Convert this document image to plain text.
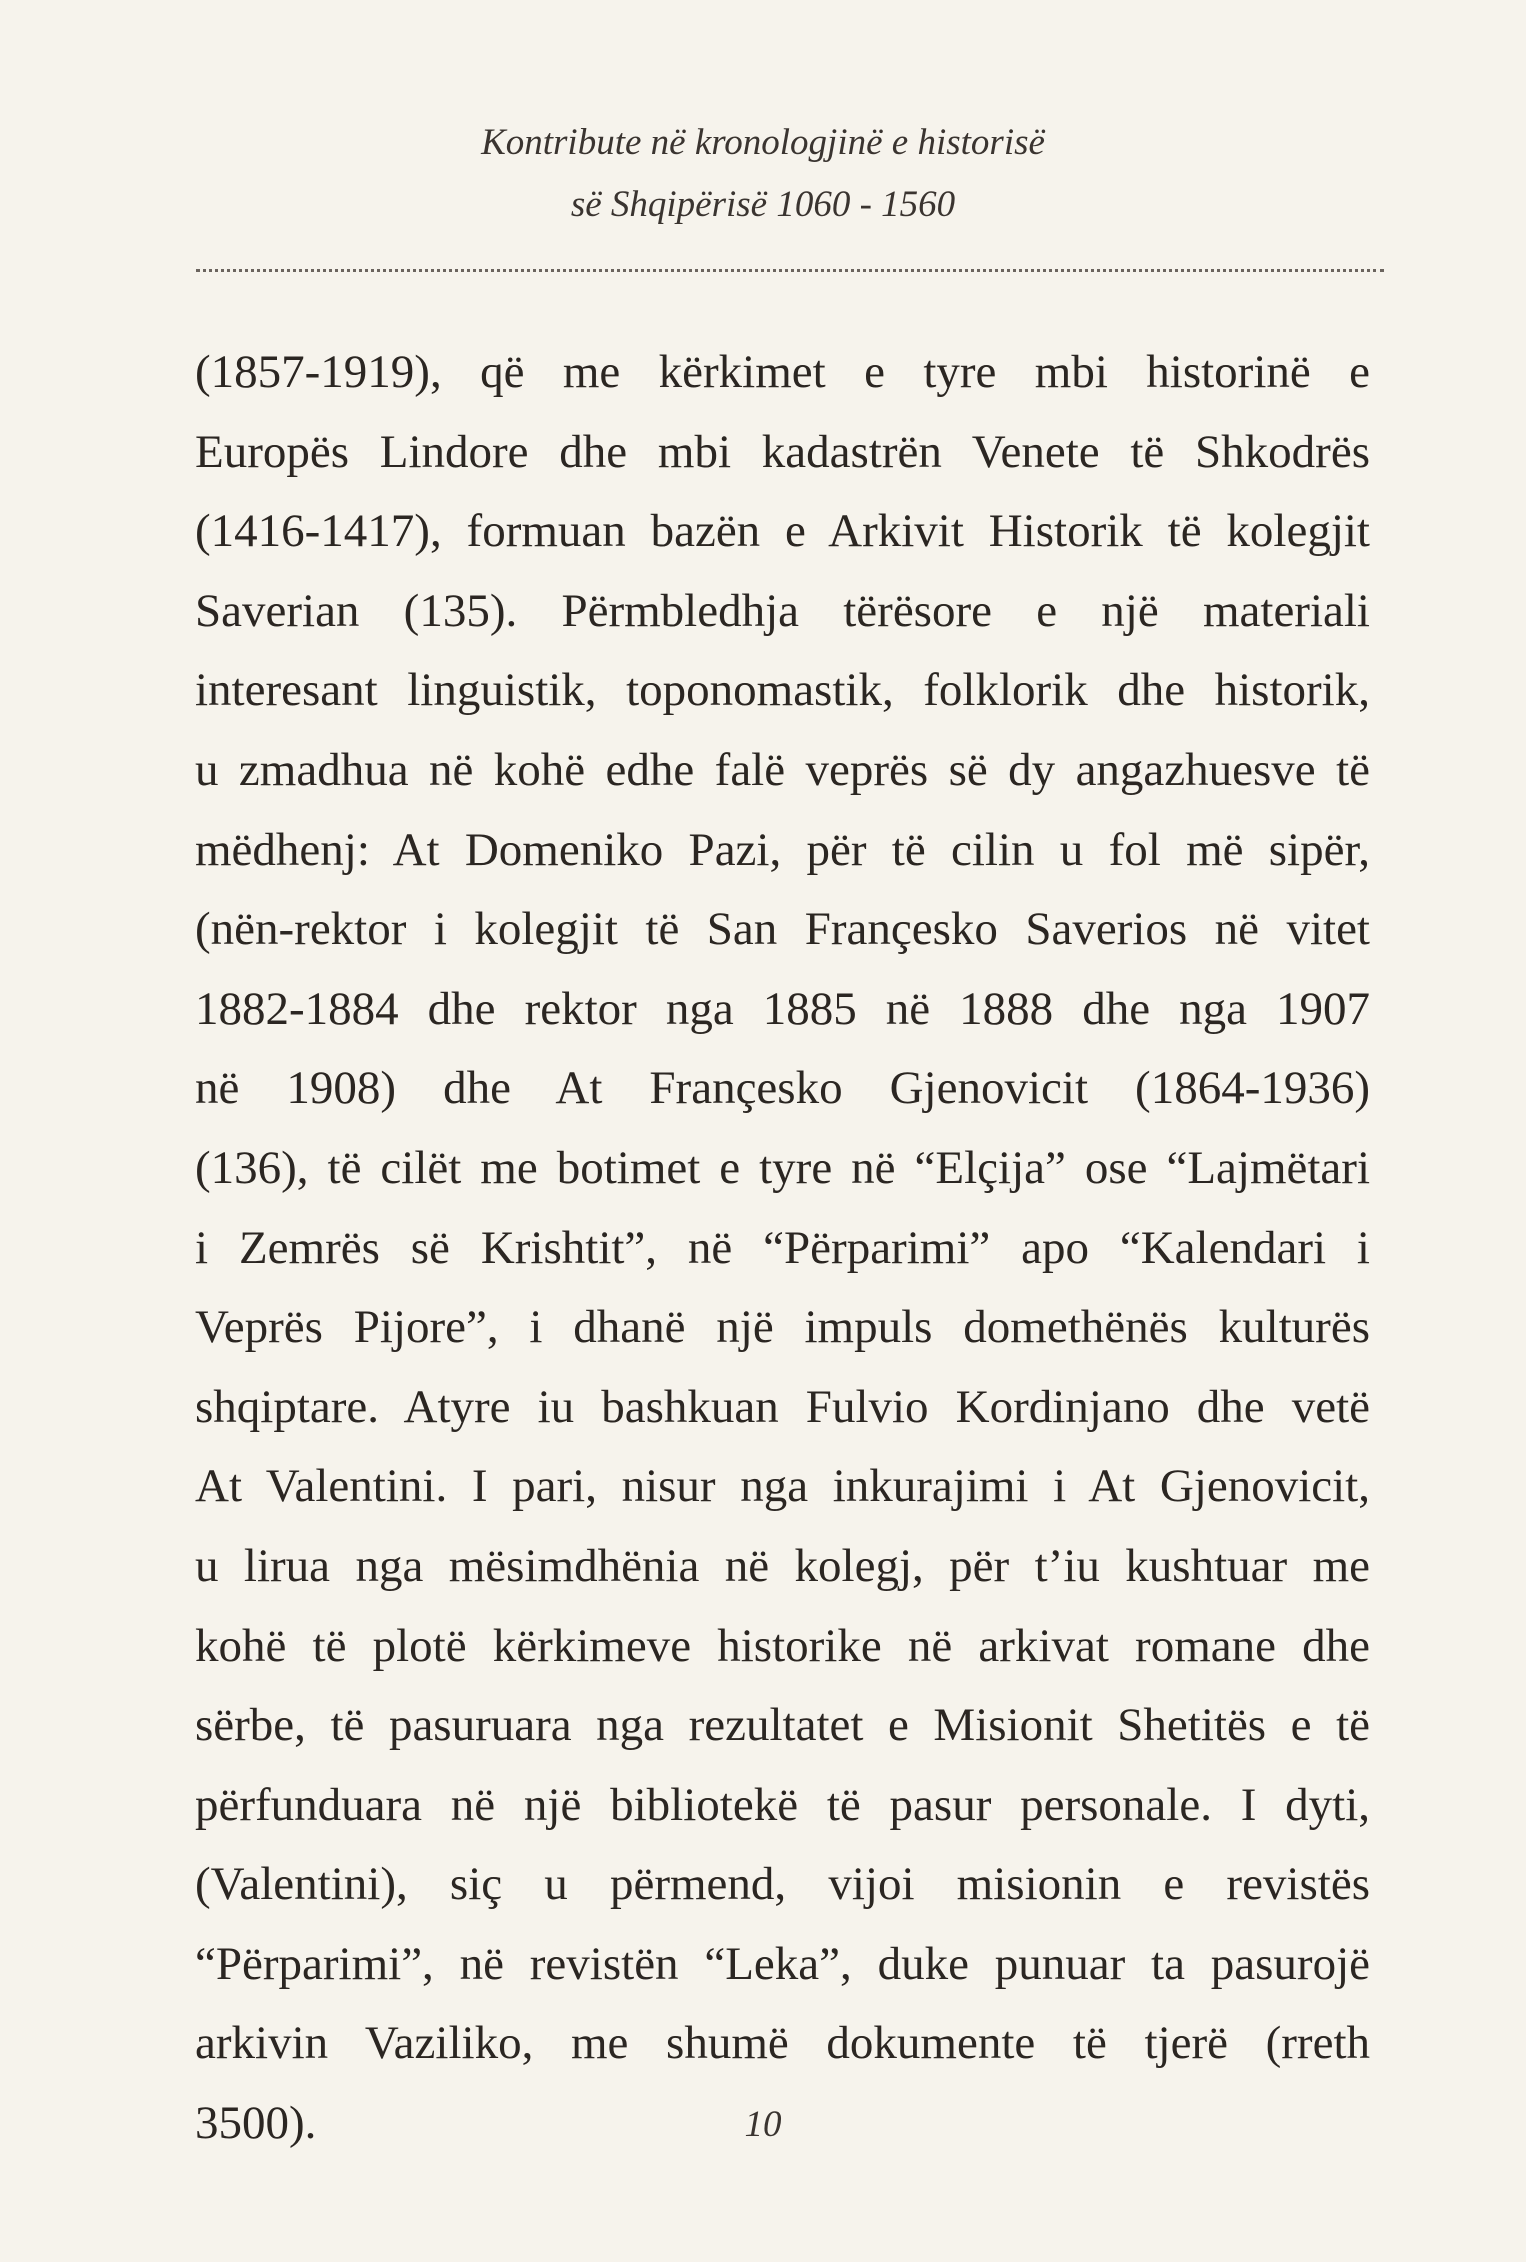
Kontribute në kronologjinë e historisë
së Shqipërisë 1060 - 1560
(1857-1919), që me kërkimet e tyre mbi historinë e
Europës Lindore dhe mbi kadastrën Venete të Shkodrës
(1416-1417), formuan bazën e Arkivit Historik të kolegjit
Saverian (135). Përmbledhja tërësore e një materiali
interesant linguistik, toponomastik, folklorik dhe historik,
u zmadhua në kohë edhe falë veprës së dy angazhuesve të
mëdhenj: At Domeniko Pazi, për të cilin u fol më sipër,
(nën-rektor i kolegjit të San Françesko Saverios në vitet
1882-1884 dhe rektor nga 1885 në 1888 dhe nga 1907
në 1908) dhe At Françesko Gjenovicit (1864-1936)
(136), të cilët me botimet e tyre në “Elçija” ose “Lajmëtari
i Zemrës së Krishtit”, në “Përparimi” apo “Kalendari i
Veprës Pijore”, i dhanë një impuls domethënës kulturës
shqiptare. Atyre iu bashkuan Fulvio Kordinjano dhe vetë
At Valentini. I pari, nisur nga inkurajimi i At Gjenovicit,
u lirua nga mësimdhënia në kolegj, për t’iu kushtuar me
kohë të plotë kërkimeve historike në arkivat romane dhe
sërbe, të pasuruara nga rezultatet e Misionit Shetitës e të
përfunduara në një bibliotekë të pasur personale. I dyti,
(Valentini), siç u përmend, vijoi misionin e revistës
“Përparimi”, në revistën “Leka”, duke punuar ta pasurojë
arkivin Vaziliko, me shumë dokumente të tjerë (rreth
3500).	10
